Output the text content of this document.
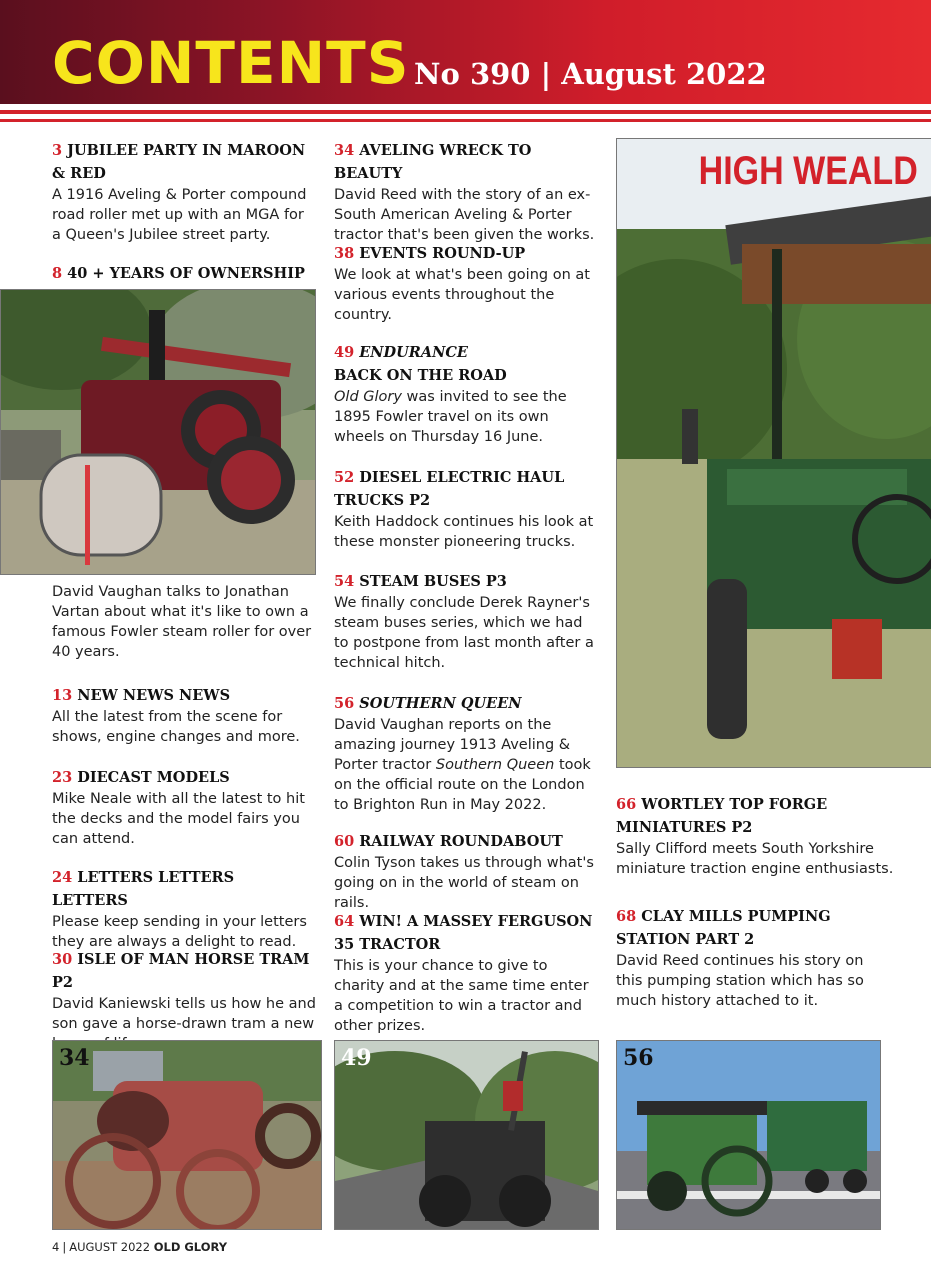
CONTENTS No 390 | August 2022

3 JUBILEE PARTY IN MAROON & RED

A 1916 Aveling & Porter compound road roller met up with an MGA for a Queen's Jubilee street party.

8 40 + YEARS OF OWNERSHIP

David Vaughan talks to Jonathan Vartan about what it's like to own a famous Fowler steam roller for over 40 years.

13 NEW NEWS NEWS

All the latest from the scene for shows, engine changes and more.

23 DIECAST MODELS

Mike Neale with all the latest to hit the decks and the model fairs you can attend.

24 LETTERS LETTERS LETTERS

Please keep sending in your letters they are always a delight to read.

30 ISLE OF MAN HORSE TRAM P2

David Kaniewski tells us how he and son gave a horse-drawn tram a new

34 AVELING WRECK TO BEAUTY

David Reed with the story of an ex-South American Aveling & Porter tractor that's been given the works.

38 EVENTS ROUND-UP

We look at what's been going on at various events throughout the country.

49 ENDURANCE

BACK ON THE ROAD

Old Glory was invited to see the 1895 Fowler travel on its own wheels on Thursday 16 June.

52 DIESEL ELECTRIC HAUL TRUCKS P2

Keith Haddock continues his look at these monster pioneering trucks.

54 STEAM BUSES P3

We finally conclude Derek Rayner's steam buses series, which we had to postpone from last month after a technical hitch.

56 SOUTHERN QUEEN

David Vaughan reports on the amazing journey 1913 Aveling & Porter tractor Southern Queen took on the official route on the London to Brighton Run in May 2022.

60 RAILWAY ROUNDABOUT

Colin Tyson takes us through what's going on in the world of steam on rails.

64 WIN! A MASSEY FERGUSON 35 TRACTOR

This is your chance to give to charity and at the same time enter a competition to win a tractor and other prizes.

HIGH WEALD

66 WORTLEY TOP FORGE MINIATURES P2

Sally Clifford meets South Yorkshire miniature traction engine enthusiasts.

68 CLAY MILLS PUMPING STATION PART 2

David Reed continues his story on this pumping station which has so much history attached to it.

34	49	56
4 | AUGUST 2022 OLD GLORY
